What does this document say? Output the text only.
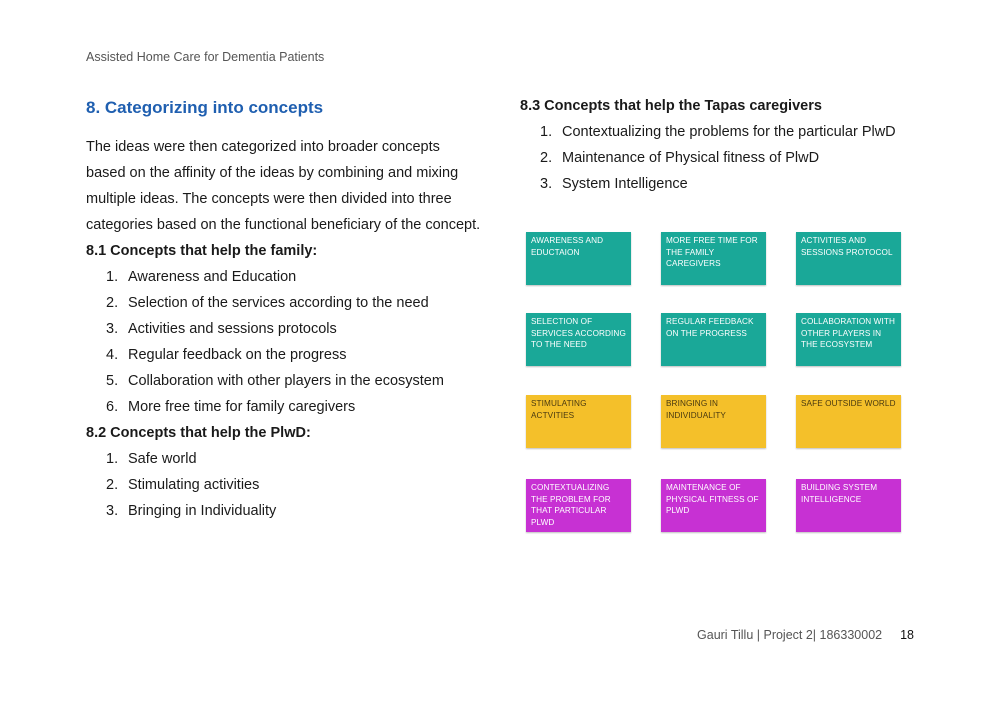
Assisted Home Care for Dementia Patients
8. Categorizing into concepts

The ideas were then categorized into broader concepts based on the affinity of the ideas by combining and mixing multiple ideas. The concepts were then divided into three categories based on the functional beneficiary of the concept.

8.1 Concepts that help the family:

1. Awareness and Education
2. Selection of the services according to the need
3. Activities and sessions protocols
4. Regular feedback on the progress
5. Collaboration with other players in the ecosystem
6. More free time for family caregivers

8.2 Concepts that help the PlwD:

1. Safe world
2. Stimulating activities
3. Bringing in Individuality

8.3 Concepts that help the Tapas caregivers

1. Contextualizing the problems for the particular PlwD
2. Maintenance of Physical fitness of PlwD
3. System Intelligence
AWARENESS AND EDUCTAION
MORE FREE TIME FOR THE FAMILY CAREGIVERS
ACTIVITIES AND SESSIONS PROTOCOL
SELECTION OF SERVICES ACCORDING TO THE NEED
REGULAR FEEDBACK ON THE PROGRESS
COLLABORATION WITH OTHER PLAYERS IN THE ECOSYSTEM
STIMULATING ACTVITIES
BRINGING IN INDIVIDUALITY
SAFE OUTSIDE WORLD
CONTEXTUALIZING THE PROBLEM FOR THAT PARTICULAR PLWD
MAINTENANCE OF PHYSICAL FITNESS OF PLWD
BUILDING SYSTEM INTELLIGENCE
Gauri Tillu | Project 2| 186330002 18
